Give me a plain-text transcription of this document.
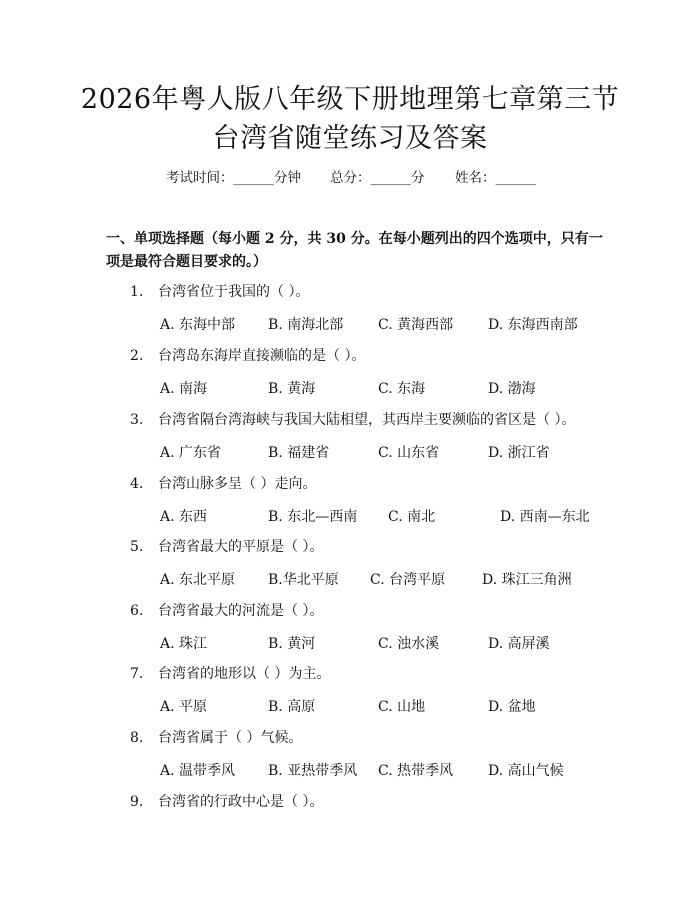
2026年粤人版八年级下册地理第七章第三节
台湾省随堂练习及答案
考试时间：______分钟 总分：______分 姓名：______
一、单项选择题（每小题 2 分，共 30 分。在每小题列出的四个选项中，只有一项是最符合题目要求的。）
1. 台湾省位于我国的（ ）。
A. 东海中部 B. 南海北部 C. 黄海西部 D. 东海西南部
2. 台湾岛东海岸直接濒临的是（ ）。
A. 南海	B. 黄海	C. 东海	D. 渤海
3. 台湾省隔台湾海峡与我国大陆相望，其西岸主要濒临的省区是（ ）。
A. 广东省	B. 福建省	C. 山东省	D. 浙江省
4. 台湾山脉多呈（ ）走向。
A. 东西	B. 东北—西南 C. 南北	D. 西南—东北
5. 台湾省最大的平原是（ ）。
A. 东北平原 B.华北平原 C. 台湾平原	D. 珠江三角洲
6. 台湾省最大的河流是（ ）。
A. 珠江	B. 黄河	C. 浊水溪	D. 高屏溪
7. 台湾省的地形以（ ）为主。
A. 平原	B. 高原	C. 山地	D. 盆地
8. 台湾省属于（ ）气候。
A. 温带季风 B. 亚热带季风 C. 热带季风 D. 高山气候
9. 台湾省的行政中心是（ ）。
